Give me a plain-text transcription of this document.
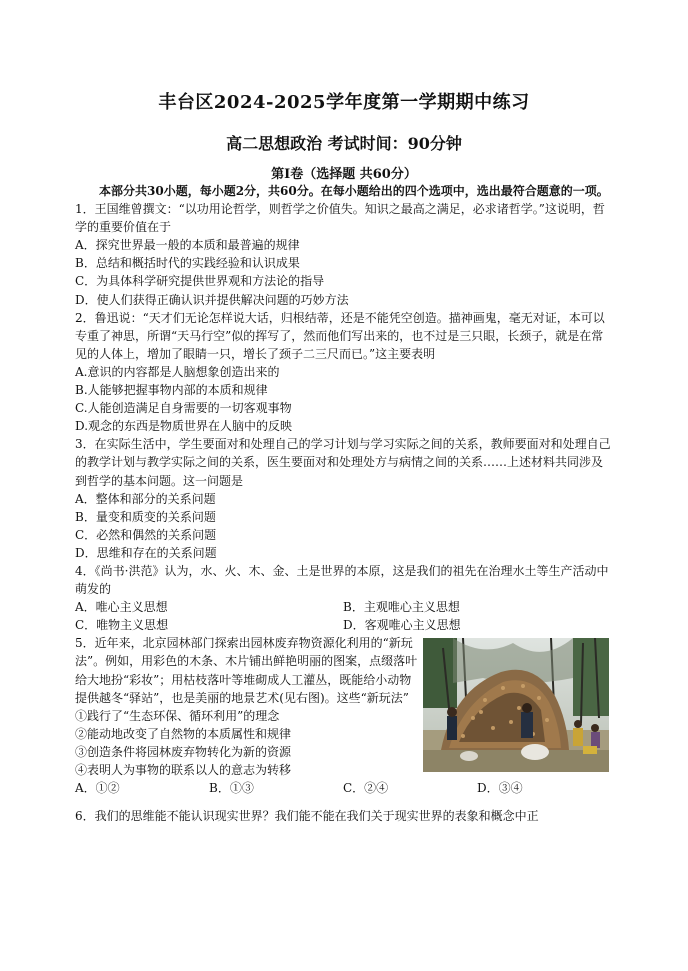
丰台区2024-2025学年度第一学期期中练习
高二思想政治 考试时间：90分钟
第Ⅰ卷（选择题 共60分）

本部分共30小题，每小题2分，共60分。在每小题给出的四个选项中，选出最符合题意的一项。

1．王国维曾撰文：“以功用论哲学，则哲学之价值失。知识之最高之满足，必求诸哲学。”这说明，哲学的重要价值在于

A．探究世界最一般的本质和最普遍的规律

B．总结和概括时代的实践经验和认识成果

C．为具体科学研究提供世界观和方法论的指导

D．使人们获得正确认识并提供解决问题的巧妙方法

2．鲁迅说：“天才们无论怎样说大话，归根结蒂，还是不能凭空创造。描神画鬼，毫无对证，本可以专重了神思，所谓“天马行空”似的挥写了，然而他们写出来的，也不过是三只眼，长颈子，就是在常见的人体上，增加了眼睛一只，增长了颈子二三尺而已。”这主要表明

A.意识的内容都是人脑想象创造出来的

B.人能够把握事物内部的本质和规律

C.人能创造满足自身需要的一切客观事物

D.观念的东西是物质世界在人脑中的反映

3．在实际生活中，学生要面对和处理自己的学习计划与学习实际之间的关系，教师要面对和处理自己的教学计划与教学实际之间的关系，医生要面对和处理处方与病情之间的关系……上述材料共同涉及到哲学的基本问题。这一问题是

A．整体和部分的关系问题

B．量变和质变的关系问题

C．必然和偶然的关系问题

D．思维和存在的关系问题

4．《尚书·洪范》认为，水、火、木、金、土是世界的本原，这是我们的祖先在治理水土等生产活动中萌发的

A．唯心主义思想	B．主观唯心主义思想
C．唯物主义思想	D．客观唯心主义思想

5．近年来，北京园林部门探索出园林废弃物资源化利用的“新玩法”。例如，用彩色的木条、木片铺出鲜艳明丽的图案，点缀落叶给大地扮“彩妆”；用枯枝落叶等堆砌成人工灌丛，既能给小动物提供越冬“驿站”，也是美丽的地景艺术(见右图)。这些“新玩法”

①践行了“生态环保、循环利用”的理念

②能动地改变了自然物的本质属性和规律

③创造条件将园林废弃物转化为新的资源

④表明人为事物的联系以人的意志为转移

A．①②	B．①③	C．②④	D．③④

6．我们的思维能不能认识现实世界？我们能不能在我们关于现实世界的表象和概念中正
